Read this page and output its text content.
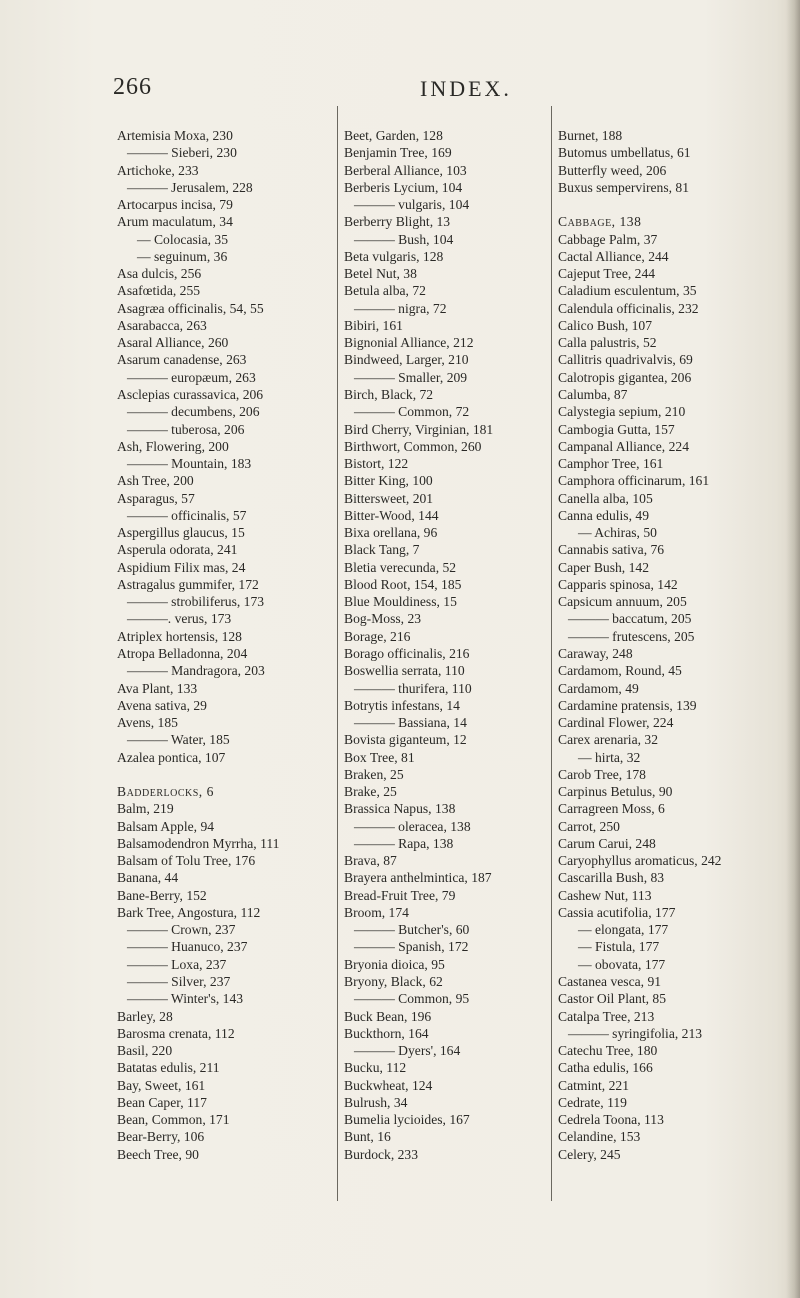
266	INDEX.
Artemisia Moxa, 230
——— Sieberi, 230
Artichoke, 233
——— Jerusalem, 228
Artocarpus incisa, 79
Arum maculatum, 34
— Colocasia, 35
— seguinum, 36
Asa dulcis, 256
Asafœtida, 255
Asagræa officinalis, 54, 55
Asarabacca, 263
Asaral Alliance, 260
Asarum canadense, 263
——— europæum, 263
Asclepias curassavica, 206
——— decumbens, 206
——— tuberosa, 206
Ash, Flowering, 200
——— Mountain, 183
Ash Tree, 200
Asparagus, 57
——— officinalis, 57
Aspergillus glaucus, 15
Asperula odorata, 241
Aspidium Filix mas, 24
Astragalus gummifer, 172
——— strobiliferus, 173
———. verus, 173
Atriplex hortensis, 128
Atropa Belladonna, 204
——— Mandragora, 203
Ava Plant, 133
Avena sativa, 29
Avens, 185
——— Water, 185
Azalea pontica, 107
Badderlocks, 6
Balm, 219
Balsam Apple, 94
Balsamodendron Myrrha, 111
Balsam of Tolu Tree, 176
Banana, 44
Bane-Berry, 152
Bark Tree, Angostura, 112
——— Crown, 237
——— Huanuco, 237
——— Loxa, 237
——— Silver, 237
——— Winter's, 143
Barley, 28
Barosma crenata, 112
Basil, 220
Batatas edulis, 211
Bay, Sweet, 161
Bean Caper, 117
Bean, Common, 171
Bear-Berry, 106
Beech Tree, 90
Beet, Garden, 128
Benjamin Tree, 169
Berberal Alliance, 103
Berberis Lycium, 104
——— vulgaris, 104
Berberry Blight, 13
——— Bush, 104
Beta vulgaris, 128
Betel Nut, 38
Betula alba, 72
——— nigra, 72
Bibiri, 161
Bignonial Alliance, 212
Bindweed, Larger, 210
——— Smaller, 209
Birch, Black, 72
——— Common, 72
Bird Cherry, Virginian, 181
Birthwort, Common, 260
Bistort, 122
Bitter King, 100
Bittersweet, 201
Bitter-Wood, 144
Bixa orellana, 96
Black Tang, 7
Bletia verecunda, 52
Blood Root, 154, 185
Blue Mouldiness, 15
Bog-Moss, 23
Borage, 216
Borago officinalis, 216
Boswellia serrata, 110
——— thurifera, 110
Botrytis infestans, 14
——— Bassiana, 14
Bovista giganteum, 12
Box Tree, 81
Braken, 25
Brake, 25
Brassica Napus, 138
——— oleracea, 138
——— Rapa, 138
Brava, 87
Brayera anthelmintica, 187
Bread-Fruit Tree, 79
Broom, 174
——— Butcher's, 60
——— Spanish, 172
Bryonia dioica, 95
Bryony, Black, 62
——— Common, 95
Buck Bean, 196
Buckthorn, 164
——— Dyers', 164
Bucku, 112
Buckwheat, 124
Bulrush, 34
Bumelia lycioides, 167
Bunt, 16
Burdock, 233
Burnet, 188
Butomus umbellatus, 61
Butterfly weed, 206
Buxus sempervirens, 81
Cabbage, 138
Cabbage Palm, 37
Cactal Alliance, 244
Cajeput Tree, 244
Caladium esculentum, 35
Calendula officinalis, 232
Calico Bush, 107
Calla palustris, 52
Callitris quadrivalvis, 69
Calotropis gigantea, 206
Calumba, 87
Calystegia sepium, 210
Cambogia Gutta, 157
Campanal Alliance, 224
Camphor Tree, 161
Camphora officinarum, 161
Canella alba, 105
Canna edulis, 49
— Achiras, 50
Cannabis sativa, 76
Caper Bush, 142
Capparis spinosa, 142
Capsicum annuum, 205
——— baccatum, 205
——— frutescens, 205
Caraway, 248
Cardamom, Round, 45
Cardamom, 49
Cardamine pratensis, 139
Cardinal Flower, 224
Carex arenaria, 32
— hirta, 32
Carob Tree, 178
Carpinus Betulus, 90
Carragreen Moss, 6
Carrot, 250
Carum Carui, 248
Caryophyllus aromaticus, 242
Cascarilla Bush, 83
Cashew Nut, 113
Cassia acutifolia, 177
— elongata, 177
— Fistula, 177
— obovata, 177
Castanea vesca, 91
Castor Oil Plant, 85
Catalpa Tree, 213
——— syringifolia, 213
Catechu Tree, 180
Catha edulis, 166
Catmint, 221
Cedrate, 119
Cedrela Toona, 113
Celandine, 153
Celery, 245
